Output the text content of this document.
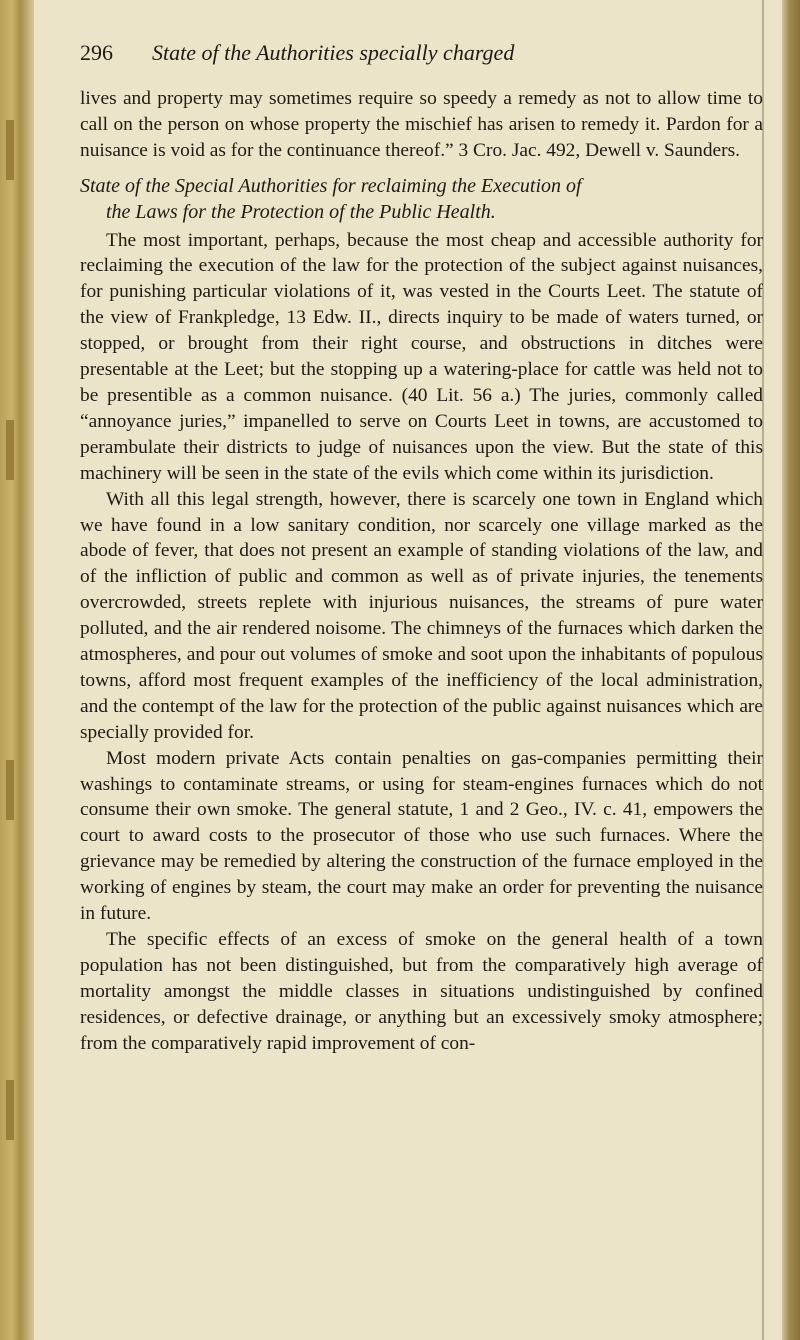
296	State of the Authorities specially charged

lives and property may sometimes require so speedy a remedy as not to allow time to call on the person on whose property the mischief has arisen to remedy it. Pardon for a nuisance is void as for the continuance thereof.” 3 Cro. Jac. 492, Dewell v. Saunders.

State of the Special Authorities for reclaiming the Execution of
the Laws for the Protection of the Public Health.

The most important, perhaps, because the most cheap and accessible authority for reclaiming the execution of the law for the protection of the subject against nuisances, for punishing particular violations of it, was vested in the Courts Leet. The statute of the view of Frankpledge, 13 Edw. II., directs inquiry to be made of waters turned, or stopped, or brought from their right course, and obstructions in ditches were presentable at the Leet; but the stopping up a watering-place for cattle was held not to be presentible as a common nuisance. (40 Lit. 56 a.) The juries, commonly called “annoyance juries,” impanelled to serve on Courts Leet in towns, are accustomed to perambulate their districts to judge of nuisances upon the view. But the state of this machinery will be seen in the state of the evils which come within its jurisdiction.

With all this legal strength, however, there is scarcely one town in England which we have found in a low sanitary condition, nor scarcely one village marked as the abode of fever, that does not present an example of standing violations of the law, and of the infliction of public and common as well as of private injuries, the tenements overcrowded, streets replete with injurious nuisances, the streams of pure water polluted, and the air rendered noisome. The chimneys of the furnaces which darken the atmospheres, and pour out volumes of smoke and soot upon the inhabitants of populous towns, afford most frequent examples of the inefficiency of the local administration, and the contempt of the law for the protection of the public against nuisances which are specially provided for.

Most modern private Acts contain penalties on gas-companies permitting their washings to contaminate streams, or using for steam-engines furnaces which do not consume their own smoke. The general statute, 1 and 2 Geo., IV. c. 41, empowers the court to award costs to the prosecutor of those who use such furnaces. Where the grievance may be remedied by altering the construction of the furnace employed in the working of engines by steam, the court may make an order for preventing the nuisance in future.

The specific effects of an excess of smoke on the general health of a town population has not been distinguished, but from the comparatively high average of mortality amongst the middle classes in situations undistinguished by confined residences, or defective drainage, or anything but an excessively smoky atmosphere; from the comparatively rapid improvement of con-
